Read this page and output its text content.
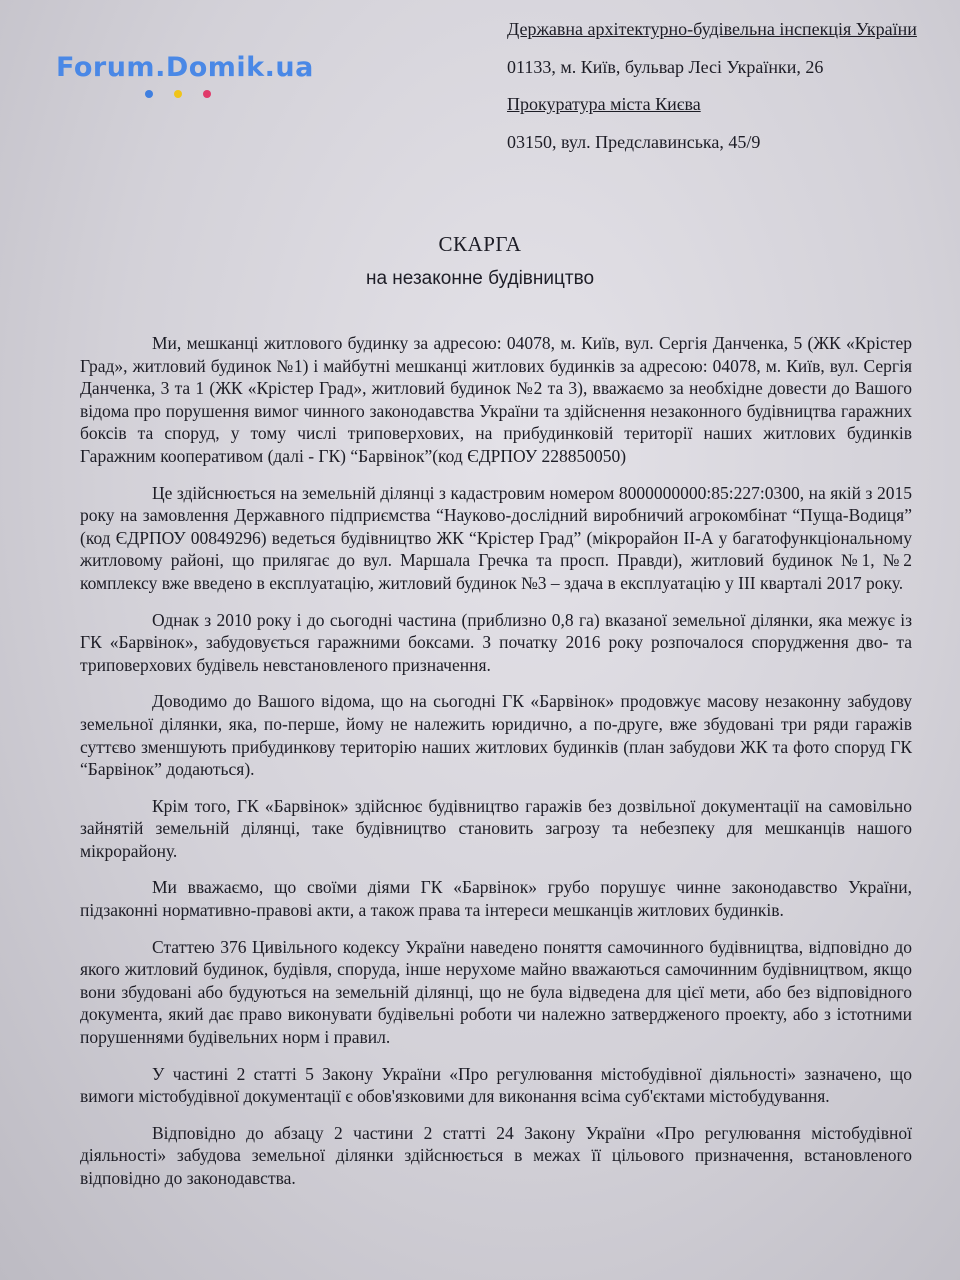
Forum.Domik.ua

Державна архітектурно-будівельна інспекція України

01133, м. Київ, бульвар Лесі Українки, 26

Прокуратура міста Києва

03150, вул. Предславинська, 45/9

СКАРГА
на незаконне будівництво

Ми, мешканці житлового будинку за адресою: 04078, м. Київ, вул. Сергія Данченка, 5 (ЖК «Крістер Град», житловий будинок №1) і майбутні мешканці житлових будинків за адресою: 04078, м. Київ, вул. Сергія Данченка, 3 та 1 (ЖК «Крістер Град», житловий будинок №2 та 3), вважаємо за необхідне довести до Вашого відома про порушення вимог чинного законодавства України та здійснення незаконного будівництва гаражних боксів та споруд, у тому числі триповерхових, на прибудинковій території наших житлових будинків Гаражним кооперативом (далі - ГК) “Барвінок”(код ЄДРПОУ 228850050)

Це здійснюється на земельній ділянці з кадастровим номером 8000000000:85:227:0300, на якій з 2015 року на замовлення Державного підприємства “Науково-дослідний виробничий агрокомбінат “Пуща-Водиця” (код ЄДРПОУ 00849296) ведеться будівництво ЖК “Крістер Град” (мікрорайон ІІ-А у багатофункціональному житловому районі, що прилягає до вул. Маршала Гречка та просп. Правди), житловий будинок №1, №2 комплексу вже введено в експлуатацію, житловий будинок №3 – здача в експлуатацію у ІІІ кварталі 2017 року.

Однак з 2010 року і до сьогодні частина (приблизно 0,8 га) вказаної земельної ділянки, яка межує із ГК «Барвінок», забудовується гаражними боксами. З початку 2016 року розпочалося спорудження дво- та триповерхових будівель невстановленого призначення.

Доводимо до Вашого відома, що на сьогодні ГК «Барвінок» продовжує масову незаконну забудову земельної ділянки, яка, по-перше, йому не належить юридично, а по-друге, вже збудовані три ряди гаражів суттєво зменшують прибудинкову територію наших житлових будинків (план забудови ЖК та фото споруд ГК “Барвінок” додаються).

Крім того, ГК «Барвінок» здійснює будівництво гаражів без дозвільної документації на самовільно зайнятій земельній ділянці, таке будівництво становить загрозу та небезпеку для мешканців нашого мікрорайону.

Ми вважаємо, що своїми діями ГК «Барвінок» грубо порушує чинне законодавство України, підзаконні нормативно-правові акти, а також права та інтереси мешканців житлових будинків.

Статтею 376 Цивільного кодексу України наведено поняття самочинного будівництва, відповідно до якого житловий будинок, будівля, споруда, інше нерухоме майно вважаються самочинним будівництвом, якщо вони збудовані або будуються на земельній ділянці, що не була відведена для цієї мети, або без відповідного документа, який дає право виконувати будівельні роботи чи належно затвердженого проекту, або з істотними порушеннями будівельних норм і правил.

У частині 2 статті 5 Закону України «Про регулювання містобудівної діяльності» зазначено, що вимоги містобудівної документації є обов'язковими для виконання всіма суб'єктами містобудування.

Відповідно до абзацу 2 частини 2 статті 24 Закону України «Про регулювання містобудівної діяльності» забудова земельної ділянки здійснюється в межах її цільового призначення, встановленого відповідно до законодавства.
